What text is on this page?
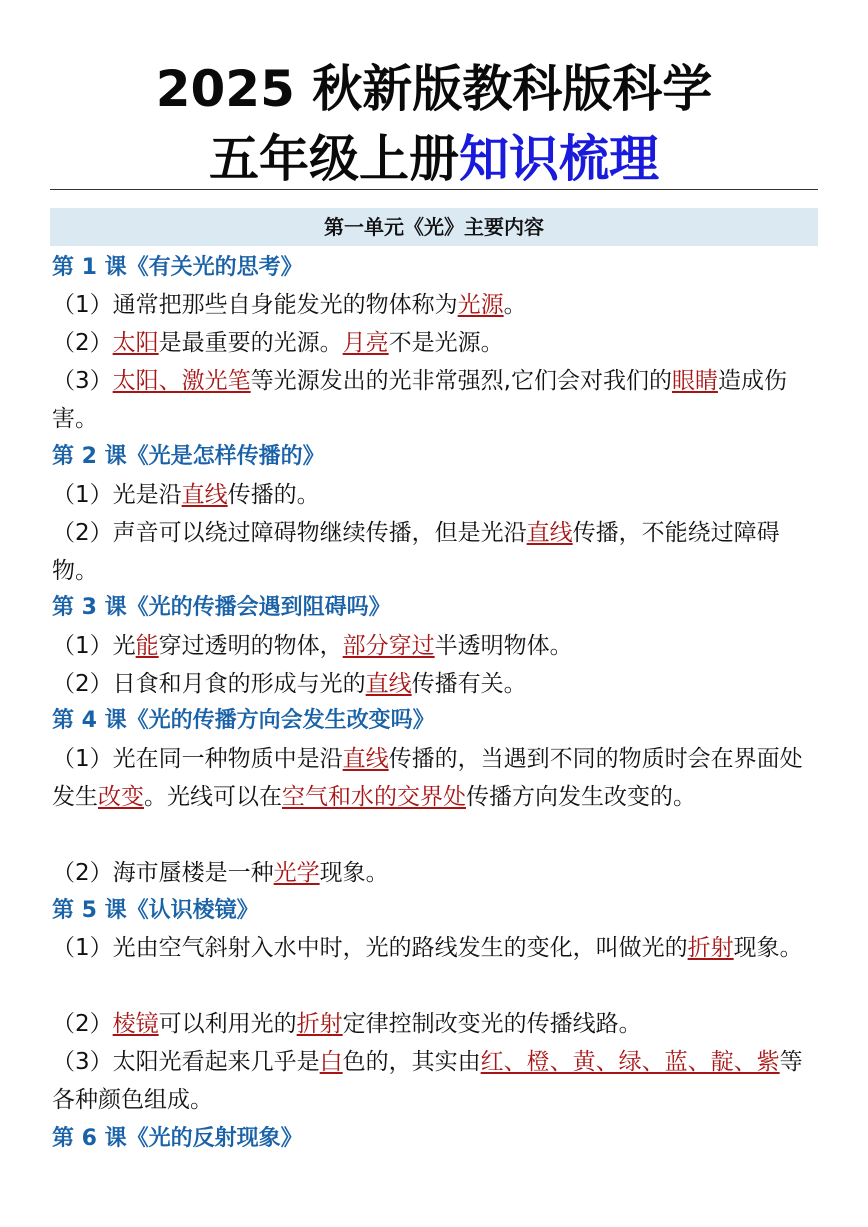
2025 秋新版教科版科学
五年级上册知识梳理
第一单元《光》主要内容
第 1 课《有关光的思考》
（1）通常把那些自身能发光的物体称为光源。
（2）太阳是最重要的光源。月亮不是光源。
（3）太阳、激光笔等光源发出的光非常强烈,它们会对我们的眼睛造成伤害。
第 2 课《光是怎样传播的》
（1）光是沿直线传播的。
（2）声音可以绕过障碍物继续传播，但是光沿直线传播，不能绕过障碍物。
第 3 课《光的传播会遇到阻碍吗》
（1）光能穿过透明的物体，部分穿过半透明物体。
（2）日食和月食的形成与光的直线传播有关。
第 4 课《光的传播方向会发生改变吗》
（1）光在同一种物质中是沿直线传播的，当遇到不同的物质时会在界面处发生改变。光线可以在空气和水的交界处传播方向发生改变的。
（2）海市蜃楼是一种光学现象。
第 5 课《认识棱镜》
（1）光由空气斜射入水中时，光的路线发生的变化，叫做光的折射现象。
（2）棱镜可以利用光的折射定律控制改变光的传播线路。
（3）太阳光看起来几乎是白色的，其实由红、橙、黄、绿、蓝、靛、紫等各种颜色组成。
第 6 课《光的反射现象》
